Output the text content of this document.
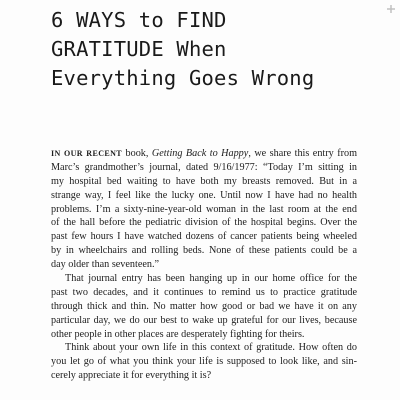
6 WAYS to FIND
GRATITUDE When
Everything Goes Wrong
IN OUR RECENT book, Getting Back to Happy, we share this entry from
Marc’s grandmother’s journal, dated 9/16/1977: “Today I’m sitting in
my hospital bed waiting to have both my breasts removed. But in a
strange way, I feel like the lucky one. Until now I have had no health
problems. I’m a sixty-nine-year-old woman in the last room at the end
of the hall before the pediatric division of the hospital begins. Over the
past few hours I have watched dozens of cancer patients being wheeled
by in wheelchairs and rolling beds. None of these patients could be a
day older than seventeen.”
That journal entry has been hanging up in our home office for the
past two decades, and it continues to remind us to practice gratitude
through thick and thin. No matter how good or bad we have it on any
particular day, we do our best to wake up grateful for our lives, because
other people in other places are desperately fighting for theirs.
Think about your own life in this context of gratitude. How often do
you let go of what you think your life is supposed to look like, and sin-
cerely appreciate it for everything it is?
